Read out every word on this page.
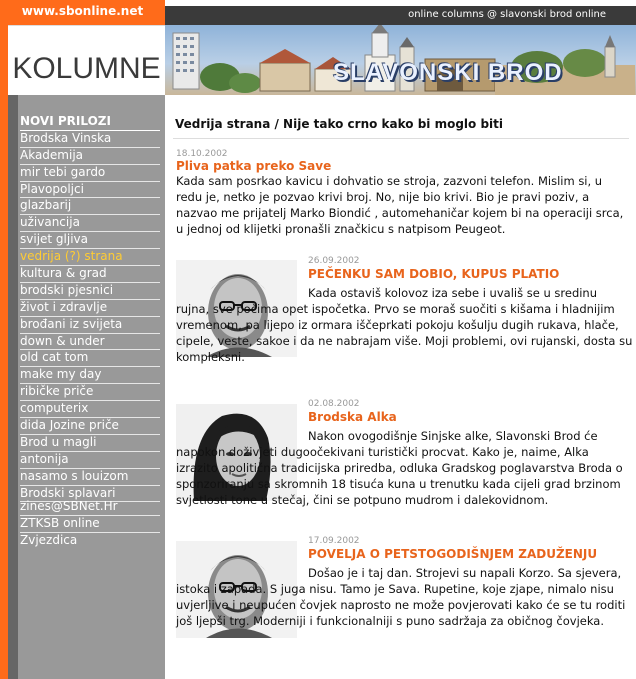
www.sbonline.net
KOLUMNE
online columns @ slavonski brod online
SLAVONSKI BROD
NOVI PRILOZI
Brodska Vinska
Akademija
mir tebi gardo
Plavopoljci
glazbarij
uživancija
svijet gljiva
vedrija (?) strana
kultura & grad
brodski pjesnici
život i zdravlje
brođani iz svijeta
down & under
old cat tom
make my day
ribičke priče
computerix
dida Jozine priče
Brod u magli
antonija
nasamo s louizom
Brodski splavari
zines@SBNet.Hr
ZTKSB online
Zvjezdica
Vedrija strana / Nije tako crno kako bi moglo biti
18.10.2002
Pliva patka preko Save
Kada sam posrkao kavicu i dohvatio se stroja, zazvoni telefon. Mislim si, u redu je, netko je pozvao krivi broj. No, nije bio krivi. Bio je pravi poziv, a nazvao me prijatelj Marko Biondić , automehaničar kojem bi na operaciji srca, u jednoj od klijetki pronašli značkicu s natpisom Peugeot.
26.09.2002
PEČENKU SAM DOBIO, KUPUS PLATIO
Kada ostaviš kolovoz iza sebe i uvališ se u sredinu rujna, sve počima opet ispočetka. Prvo se moraš suočiti s kišama i hladnijim vremenom, pa lijepo iz ormara iščeprkati pokoju košulju dugih rukava, hlače, cipele, veste, sakoe i da ne nabrajam više. Moji problemi, ovi rujanski, dosta su kompleksni.
02.08.2002
Brodska Alka
Nakon ovogodišnje Sinjske alke, Slavonski Brod će napokon doživjeti dugoočekivani turistički procvat. Kako je, naime, Alka izrazito apolitična tradicijska priredba, odluka Gradskog poglavarstva Broda o sponzoriranju sa skromnih 18 tisuća kuna u trenutku kada cijeli grad brzinom svjetlosti tone u stečaj, čini se potpuno mudrom i dalekovidnom.
17.09.2002
POVELJA O PETSTOGODIŠNJEM ZADUŽENJU
Došao je i taj dan. Strojevi su napali Korzo. Sa sjevera, istoka i zapada. S juga nisu. Tamo je Sava. Rupetine, koje zjape, nimalo nisu uvjerljive i neupućen čovjek naprosto ne može povjerovati kako će se tu roditi još ljepši trg. Moderniji i funkcionalniji s puno sadržaja za običnog čovjeka.
